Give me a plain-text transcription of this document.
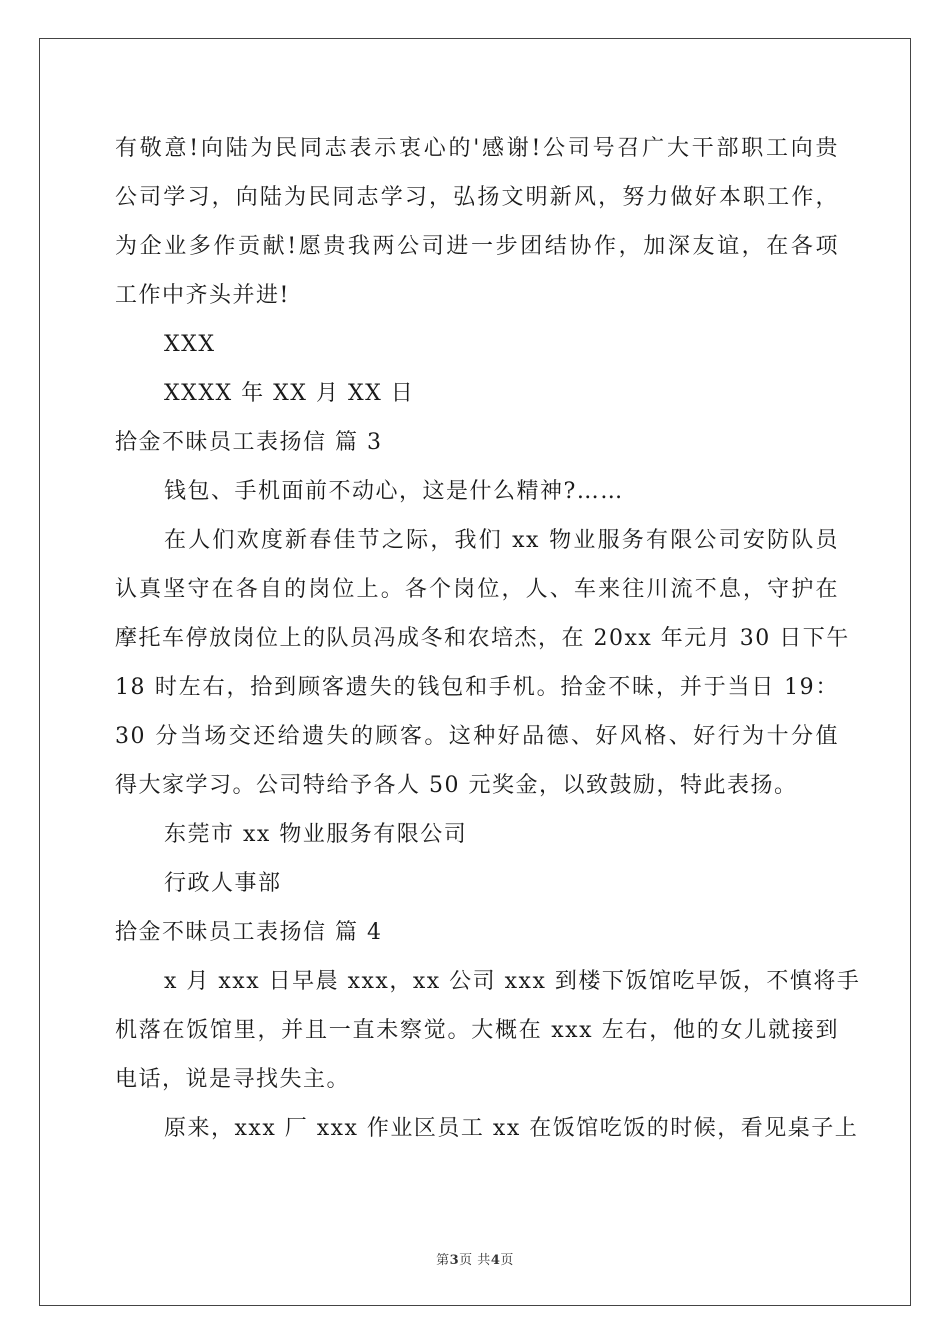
有敬意!向陆为民同志表示衷心的'感谢!公司号召广大干部职工向贵
公司学习，向陆为民同志学习，弘扬文明新风，努力做好本职工作，
为企业多作贡献!愿贵我两公司进一步团结协作，加深友谊，在各项
工作中齐头并进!
XXX
XXXX 年 XX 月 XX 日
拾金不昧员工表扬信 篇 3
钱包、手机面前不动心，这是什么精神?……
在人们欢度新春佳节之际，我们 xx 物业服务有限公司安防队员
认真坚守在各自的岗位上。各个岗位，人、车来往川流不息，守护在
摩托车停放岗位上的队员冯成冬和农培杰，在 20xx 年元月 30 日下午
18 时左右，拾到顾客遗失的钱包和手机。拾金不昧，并于当日 19：
30 分当场交还给遗失的顾客。这种好品德、好风格、好行为十分值
得大家学习。公司特给予各人 50 元奖金，以致鼓励，特此表扬。
东莞市 xx 物业服务有限公司
行政人事部
拾金不昧员工表扬信 篇 4
x 月 xxx 日早晨 xxx，xx 公司 xxx 到楼下饭馆吃早饭，不慎将手
机落在饭馆里，并且一直未察觉。大概在 xxx 左右，他的女儿就接到
电话，说是寻找失主。
原来，xxx 厂 xxx 作业区员工 xx 在饭馆吃饭的时候，看见桌子上
第3页 共4页
